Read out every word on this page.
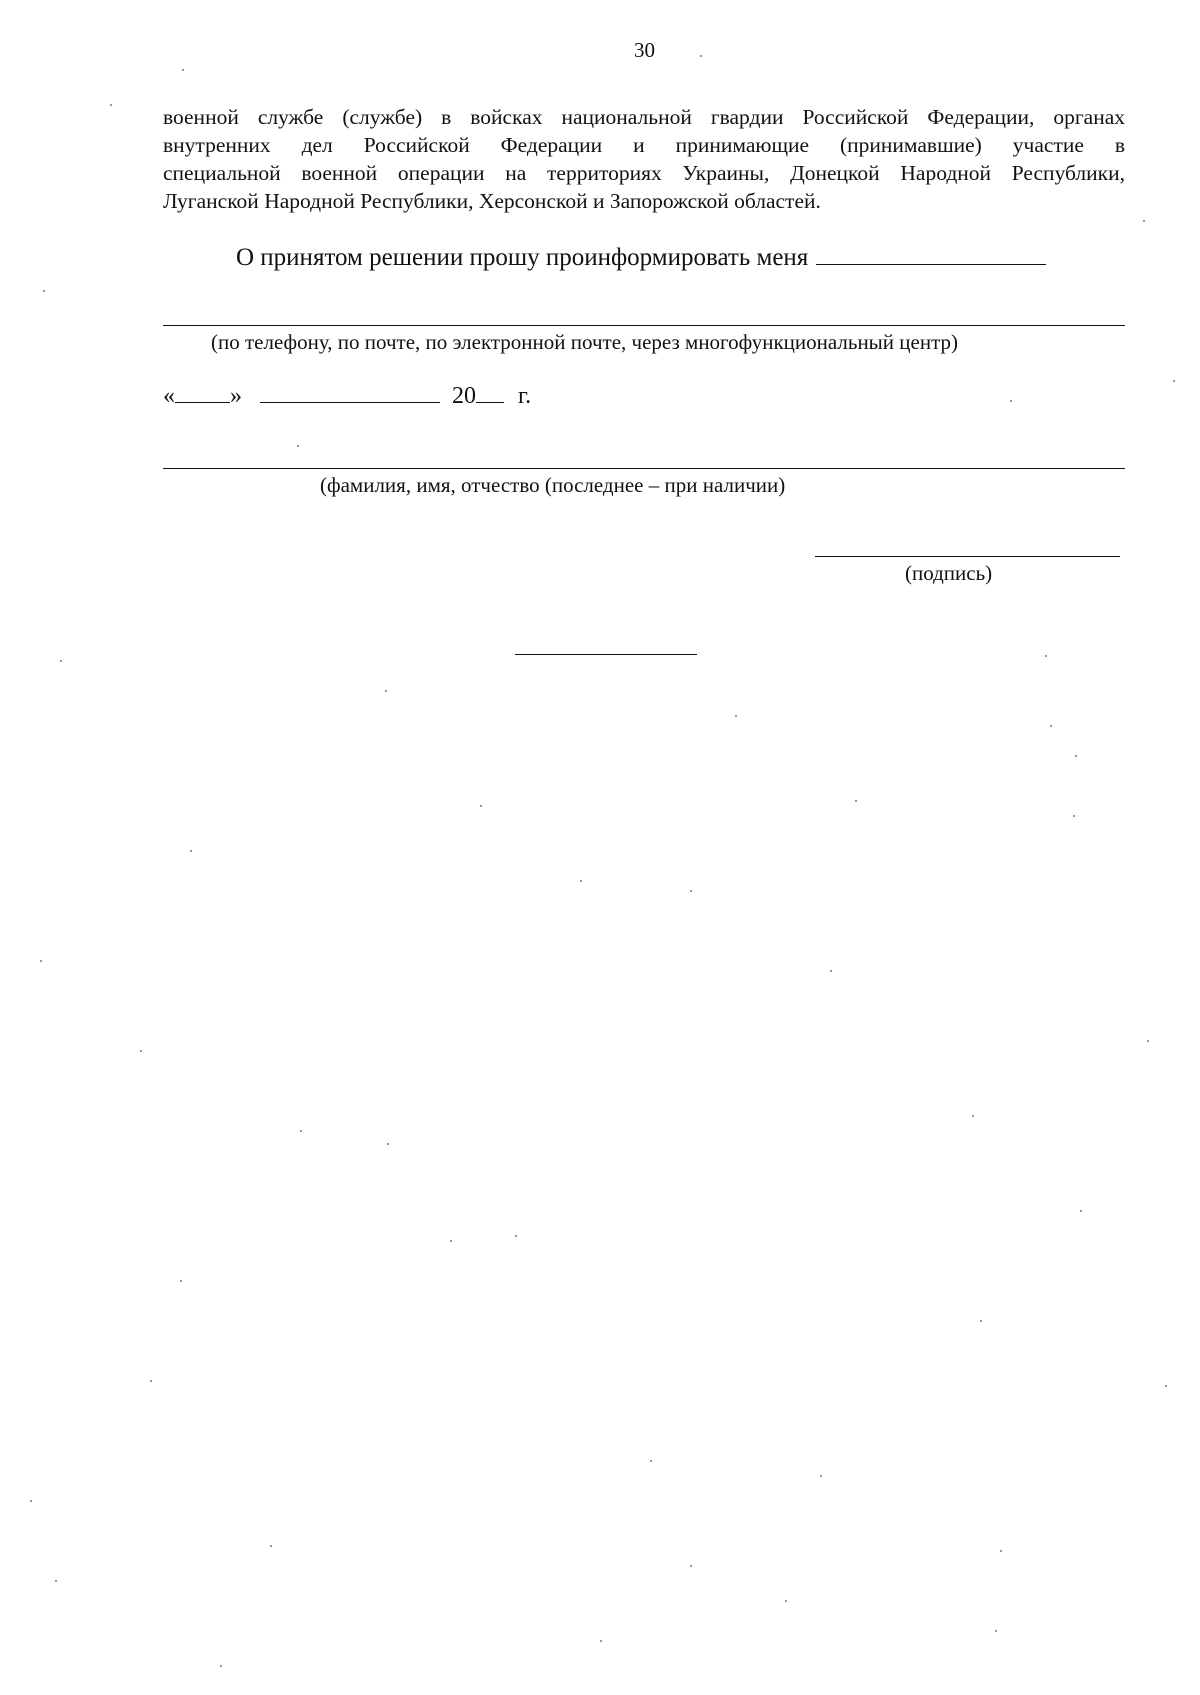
30

военной службе (службе) в войсках национальной гвардии Российской Федерации, органах

внутренних дел Российской Федерации и принимающие (принимавшие) участие в

специальной военной операции на территориях Украины, Донецкой Народной Республики,

Луганской Народной Республики, Херсонской и Запорожской областей.

О принятом решении прошу проинформировать меня
(по телефону, по почте, по электронной почте, через многофункциональный центр)
« »	20 г.
(фамилия, имя, отчество (последнее – при наличии)
(подпись)
